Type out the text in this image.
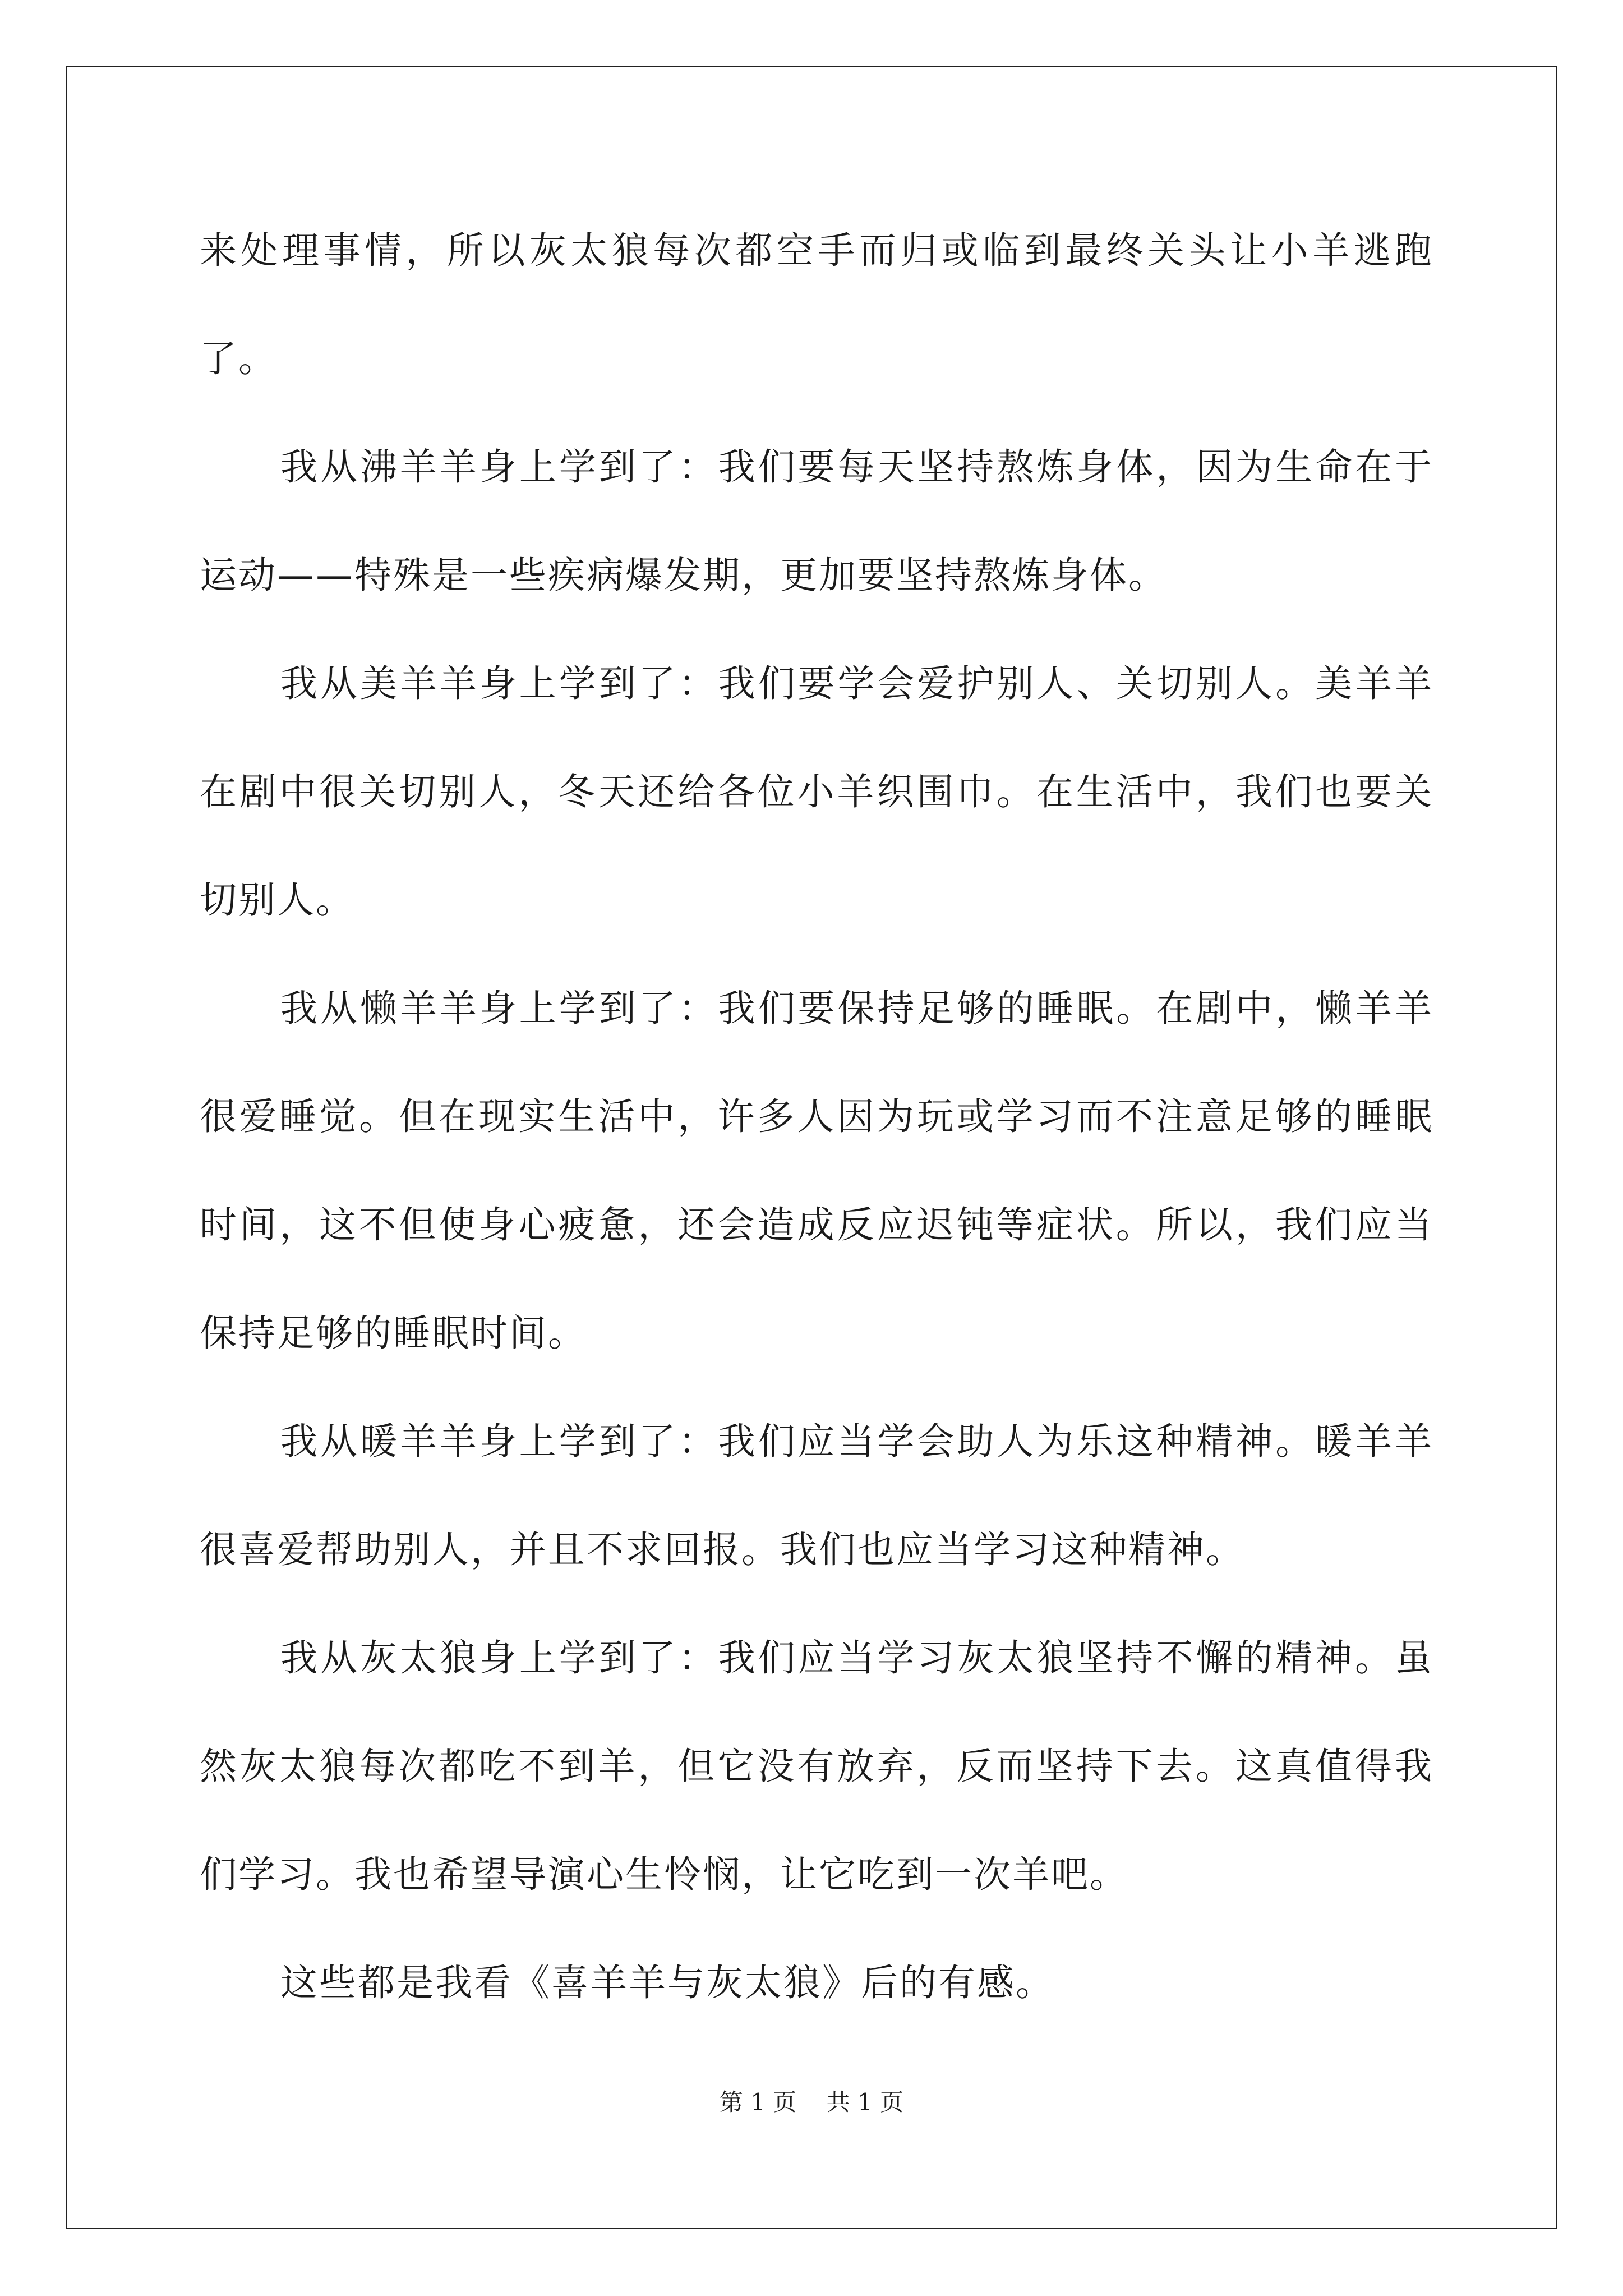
来处理事情，所以灰太狼每次都空手而归或临到最终关头让小羊逃跑了。

我从沸羊羊身上学到了：我们要每天坚持熬炼身体，因为生命在于运动——特殊是一些疾病爆发期，更加要坚持熬炼身体。

我从美羊羊身上学到了：我们要学会爱护别人、关切别人。美羊羊在剧中很关切别人，冬天还给各位小羊织围巾。在生活中，我们也要关切别人。

我从懒羊羊身上学到了：我们要保持足够的睡眠。在剧中，懒羊羊很爱睡觉。但在现实生活中，许多人因为玩或学习而不注意足够的睡眠时间，这不但使身心疲惫，还会造成反应迟钝等症状。所以，我们应当保持足够的睡眠时间。

我从暖羊羊身上学到了：我们应当学会助人为乐这种精神。暖羊羊很喜爱帮助别人，并且不求回报。我们也应当学习这种精神。

我从灰太狼身上学到了：我们应当学习灰太狼坚持不懈的精神。虽然灰太狼每次都吃不到羊，但它没有放弃，反而坚持下去。这真值得我们学习。我也希望导演心生怜悯，让它吃到一次羊吧。

这些都是我看《喜羊羊与灰太狼》后的有感。

第 1 页 共 1 页
